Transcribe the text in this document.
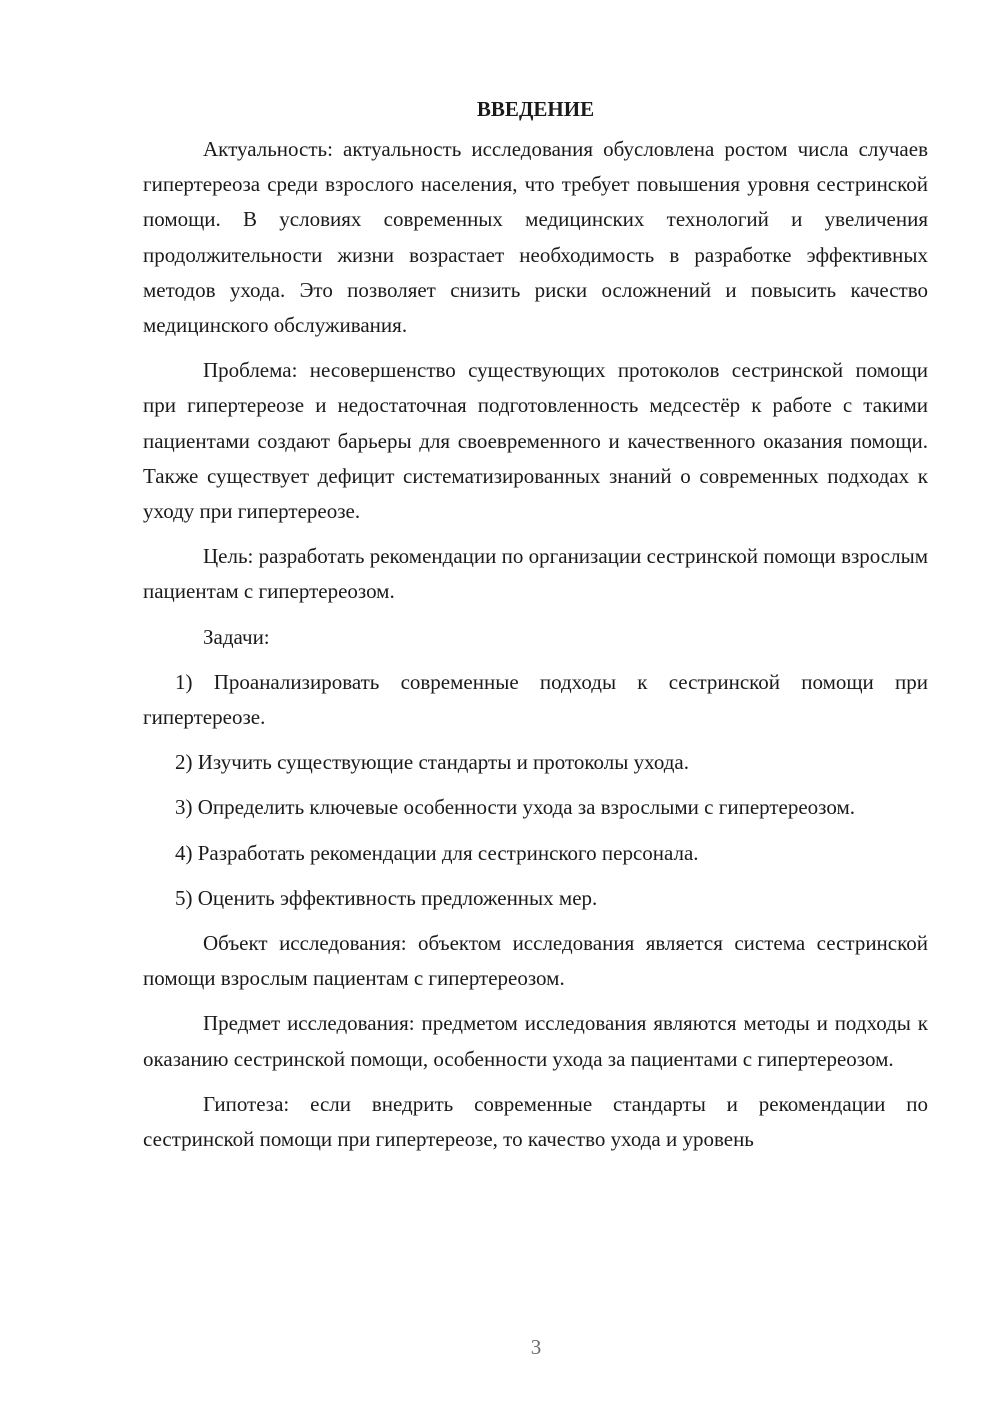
ВВЕДЕНИЕ

Актуальность: актуальность исследования обусловлена ростом числа случаев гипертереоза среди взрослого населения, что требует повышения уровня сестринской помощи. В условиях современных медицинских технологий и увеличения продолжительности жизни возрастает необходимость в разработке эффективных методов ухода. Это позволяет снизить риски осложнений и повысить качество медицинского обслуживания.

Проблема: несовершенство существующих протоколов сестринской помощи при гипертереозе и недостаточная подготовленность медсестёр к работе с такими пациентами создают барьеры для своевременного и качественного оказания помощи. Также существует дефицит систематизированных знаний о современных подходах к уходу при гипертереозе.

Цель: разработать рекомендации по организации сестринской помощи взрослым пациентам с гипертереозом.

Задачи:

1) Проанализировать современные подходы к сестринской помощи при гипертереозе.

2) Изучить существующие стандарты и протоколы ухода.

3) Определить ключевые особенности ухода за взрослыми с гипертереозом.

4) Разработать рекомендации для сестринского персонала.

5) Оценить эффективность предложенных мер.

Объект исследования: объектом исследования является система сестринской помощи взрослым пациентам с гипертереозом.

Предмет исследования: предметом исследования являются методы и подходы к оказанию сестринской помощи, особенности ухода за пациентами с гипертереозом.

Гипотеза: если внедрить современные стандарты и рекомендации по сестринской помощи при гипертереозе, то качество ухода и уровень

3
